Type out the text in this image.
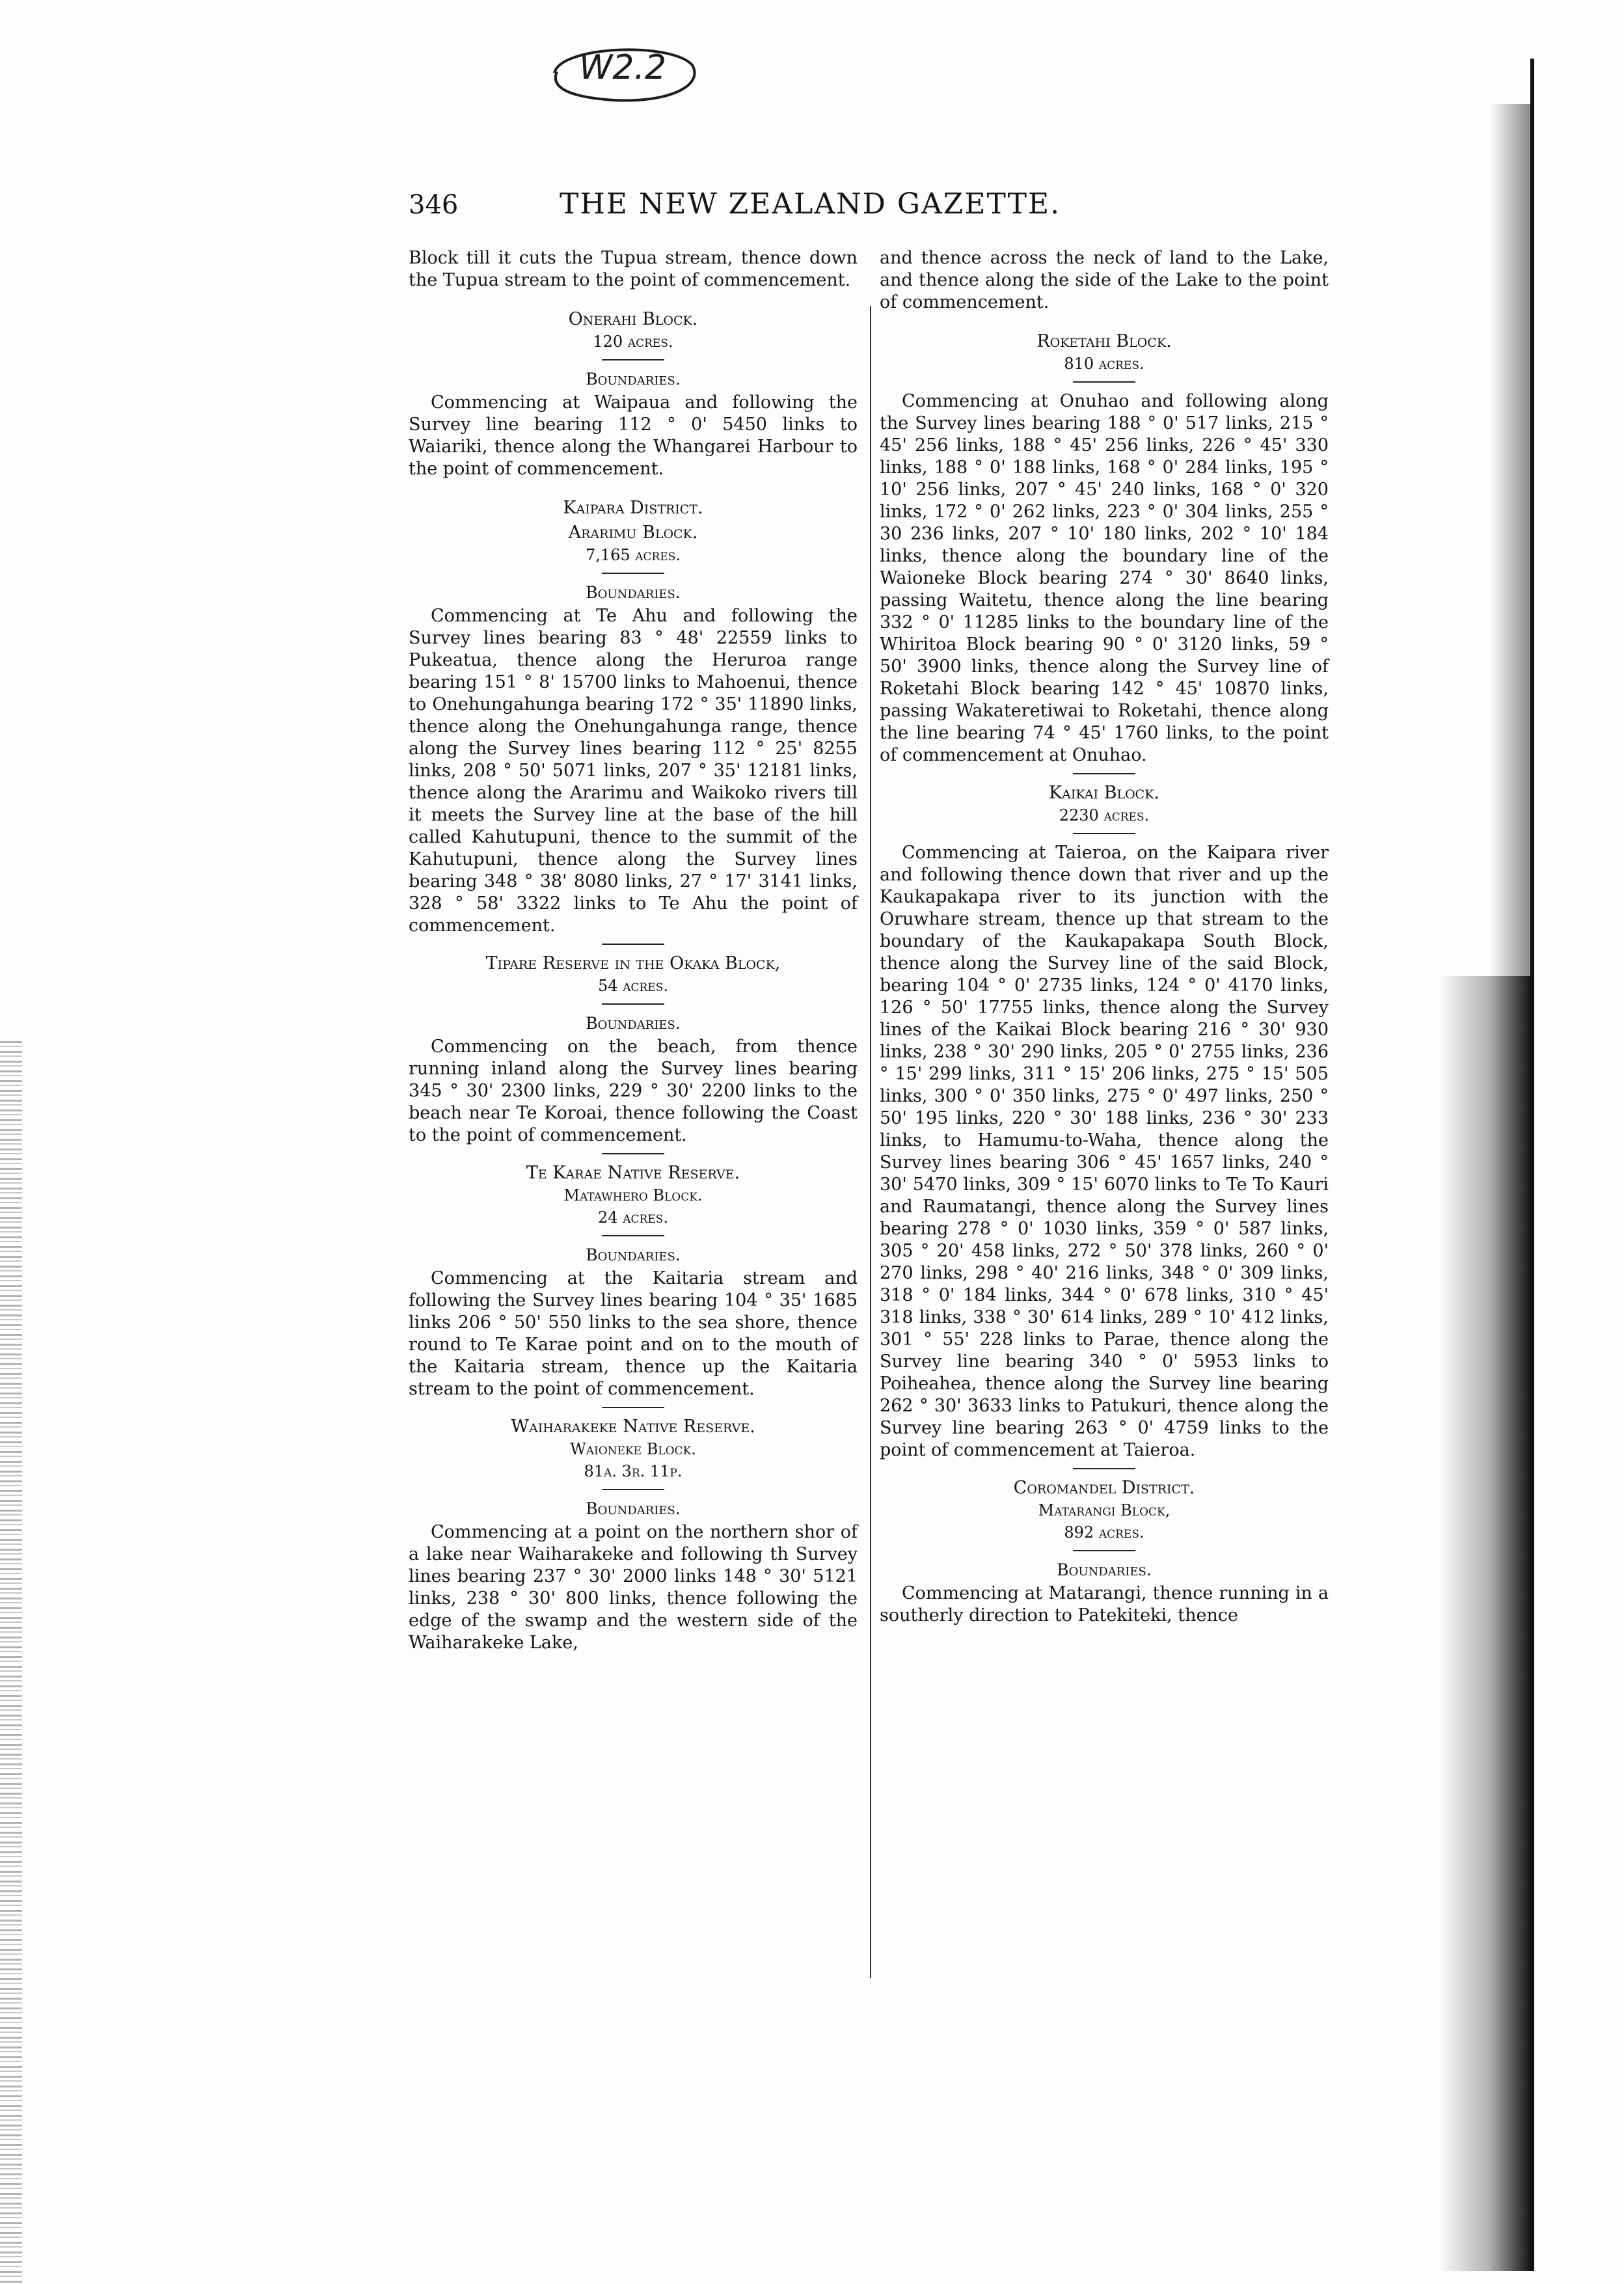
W2.2
346	THE NEW ZEALAND GAZETTE.

Block till it cuts the Tupua stream, thence down the Tupua stream to the point of commencement.

Onerahi Block.

120 acres.

Boundaries.

Commencing at Waipaua and following the Survey line bearing 112 ° 0' 5450 links to Waiariki, thence along the Whangarei Harbour to the point of commencement.

Kaipara District.

Ararimu Block.

7,165 acres.

Boundaries.

Commencing at Te Ahu and following the Survey lines bearing 83 ° 48' 22559 links to Pukeatua, thence along the Heruroa range bearing 151 ° 8' 15700 links to Mahoenui, thence to Onehungahunga bearing 172 ° 35' 11890 links, thence along the Onehungahunga range, thence along the Survey lines bearing 112 ° 25' 8255 links, 208 ° 50' 5071 links, 207 ° 35' 12181 links, thence along the Ararimu and Waikoko rivers till it meets the Survey line at the base of the hill called Kahutupuni, thence to the summit of the Kahutupuni, thence along the Survey lines bearing 348 ° 38' 8080 links, 27 ° 17' 3141 links, 328 ° 58' 3322 links to Te Ahu the point of commencement.

Tipare Reserve in the Okaka Block,

54 acres.

Boundaries.

Commencing on the beach, from thence running inland along the Survey lines bearing 345 ° 30' 2300 links, 229 ° 30' 2200 links to the beach near Te Koroai, thence following the Coast to the point of commencement.

Te Karae Native Reserve.

Matawhero Block.

24 acres.

Boundaries.

Commencing at the Kaitaria stream and following the Survey lines bearing 104 ° 35' 1685 links 206 ° 50' 550 links to the sea shore, thence round to Te Karae point and on to the mouth of the Kaitaria stream, thence up the Kaitaria stream to the point of commencement.

Waiharakeke Native Reserve.

Waioneke Block.

81a. 3r. 11p.

Boundaries.

Commencing at a point on the northern shor of a lake near Waiharakeke and following th Survey lines bearing 237 ° 30' 2000 links 148 ° 30' 5121 links, 238 ° 30' 800 links, thence following the edge of the swamp and the western side of the Waiharakeke Lake,

and thence across the neck of land to the Lake, and thence along the side of the Lake to the point of commencement.

Roketahi Block.

810 acres.

Commencing at Onuhao and following along the Survey lines bearing 188 ° 0' 517 links, 215 ° 45' 256 links, 188 ° 45' 256 links, 226 ° 45' 330 links, 188 ° 0' 188 links, 168 ° 0' 284 links, 195 ° 10' 256 links, 207 ° 45' 240 links, 168 ° 0' 320 links, 172 ° 0' 262 links, 223 ° 0' 304 links, 255 ° 30 236 links, 207 ° 10' 180 links, 202 ° 10' 184 links, thence along the boundary line of the Waioneke Block bearing 274 ° 30' 8640 links, passing Waitetu, thence along the line bearing 332 ° 0' 11285 links to the boundary line of the Whiritoa Block bearing 90 ° 0' 3120 links, 59 ° 50' 3900 links, thence along the Survey line of Roketahi Block bearing 142 ° 45' 10870 links, passing Wakateretiwai to Roketahi, thence along the line bearing 74 ° 45' 1760 links, to the point of commencement at Onuhao.

Kaikai Block.

2230 acres.

Commencing at Taieroa, on the Kaipara river and following thence down that river and up the Kaukapakapa river to its junction with the Oruwhare stream, thence up that stream to the boundary of the Kaukapakapa South Block, thence along the Survey line of the said Block, bearing 104 ° 0' 2735 links, 124 ° 0' 4170 links, 126 ° 50' 17755 links, thence along the Survey lines of the Kaikai Block bearing 216 ° 30' 930 links, 238 ° 30' 290 links, 205 ° 0' 2755 links, 236 ° 15' 299 links, 311 ° 15' 206 links, 275 ° 15' 505 links, 300 ° 0' 350 links, 275 ° 0' 497 links, 250 ° 50' 195 links, 220 ° 30' 188 links, 236 ° 30' 233 links, to Hamumu-to-Waha, thence along the Survey lines bearing 306 ° 45' 1657 links, 240 ° 30' 5470 links, 309 ° 15' 6070 links to Te To Kauri and Raumatangi, thence along the Survey lines bearing 278 ° 0' 1030 links, 359 ° 0' 587 links, 305 ° 20' 458 links, 272 ° 50' 378 links, 260 ° 0' 270 links, 298 ° 40' 216 links, 348 ° 0' 309 links, 318 ° 0' 184 links, 344 ° 0' 678 links, 310 ° 45' 318 links, 338 ° 30' 614 links, 289 ° 10' 412 links, 301 ° 55' 228 links to Parae, thence along the Survey line bearing 340 ° 0' 5953 links to Poiheahea, thence along the Survey line bearing 262 ° 30' 3633 links to Patukuri, thence along the Survey line bearing 263 ° 0' 4759 links to the point of commencement at Taieroa.

Coromandel District.

Matarangi Block,

892 acres.

Boundaries.

Commencing at Matarangi, thence running in a southerly direction to Patekiteki, thence
